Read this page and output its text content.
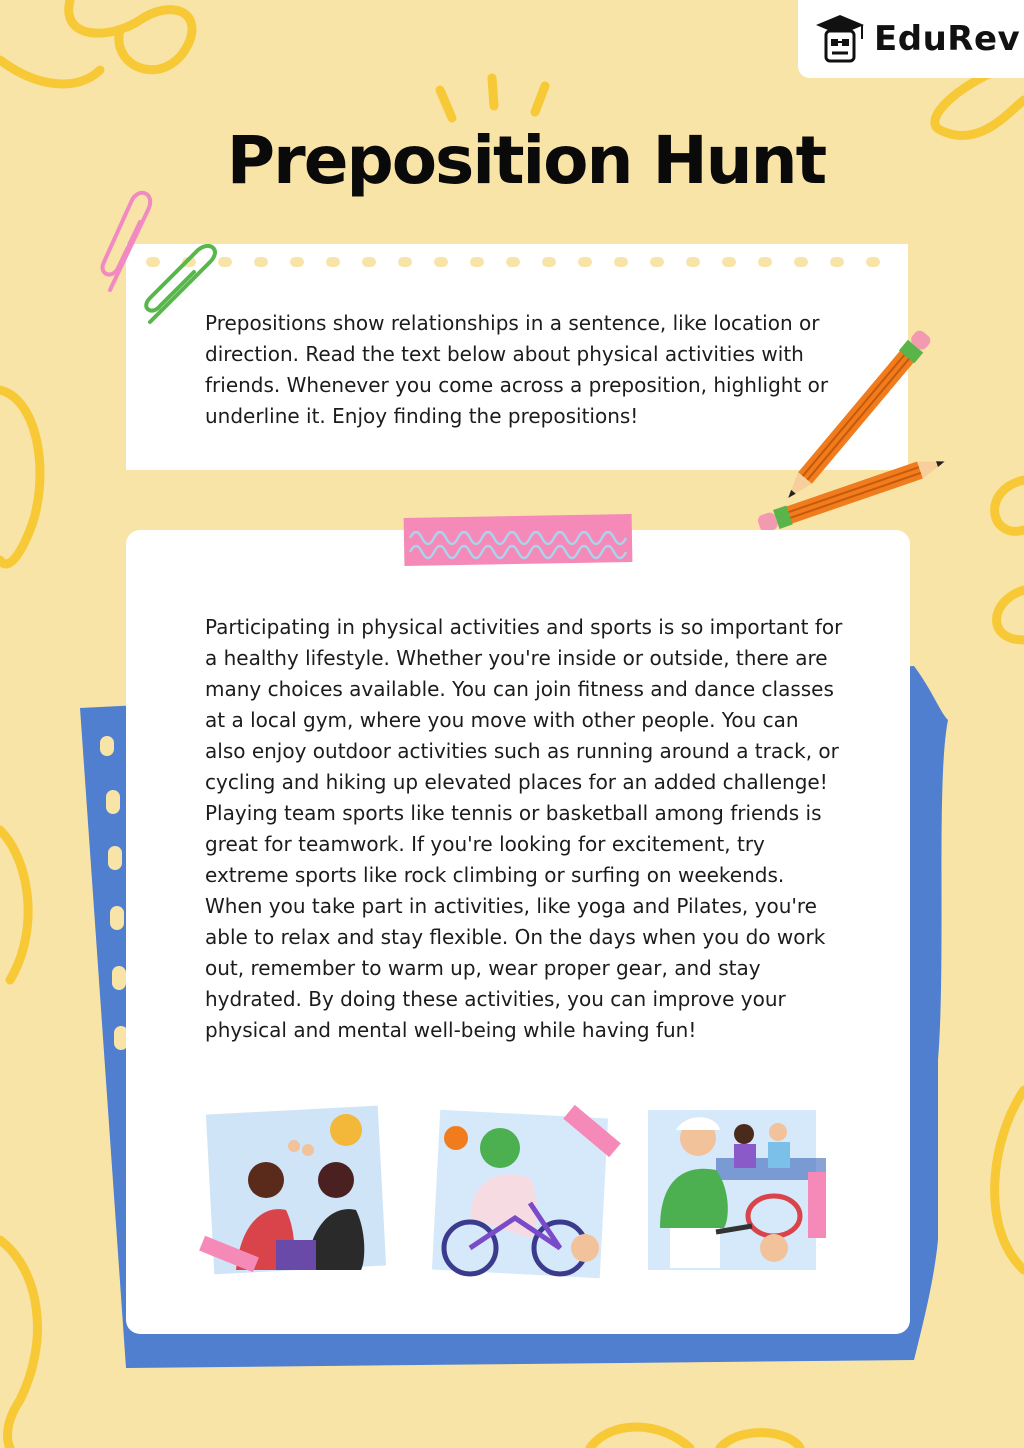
EduRev
Preposition Hunt

Prepositions show relationships in a sentence, like location or direction. Read the text below about physical activities with friends. Whenever you come across a preposition, highlight or underline it. Enjoy finding the prepositions!

Participating in physical activities and sports is so important for a healthy lifestyle. Whether you're inside or outside, there are many choices available. You can join fitness and dance classes at a local gym, where you move with other people. You can also enjoy outdoor activities such as running around a track, or cycling and hiking up elevated places for an added challenge! Playing team sports like tennis or basketball among friends is great for teamwork. If you're looking for excitement, try extreme sports like rock climbing or surfing on weekends. When you take part in activities, like yoga and Pilates, you're able to relax and stay flexible. On the days when you do work out, remember to warm up, wear proper gear, and stay hydrated. By doing these activities, you can improve your physical and mental well-being while having fun!
